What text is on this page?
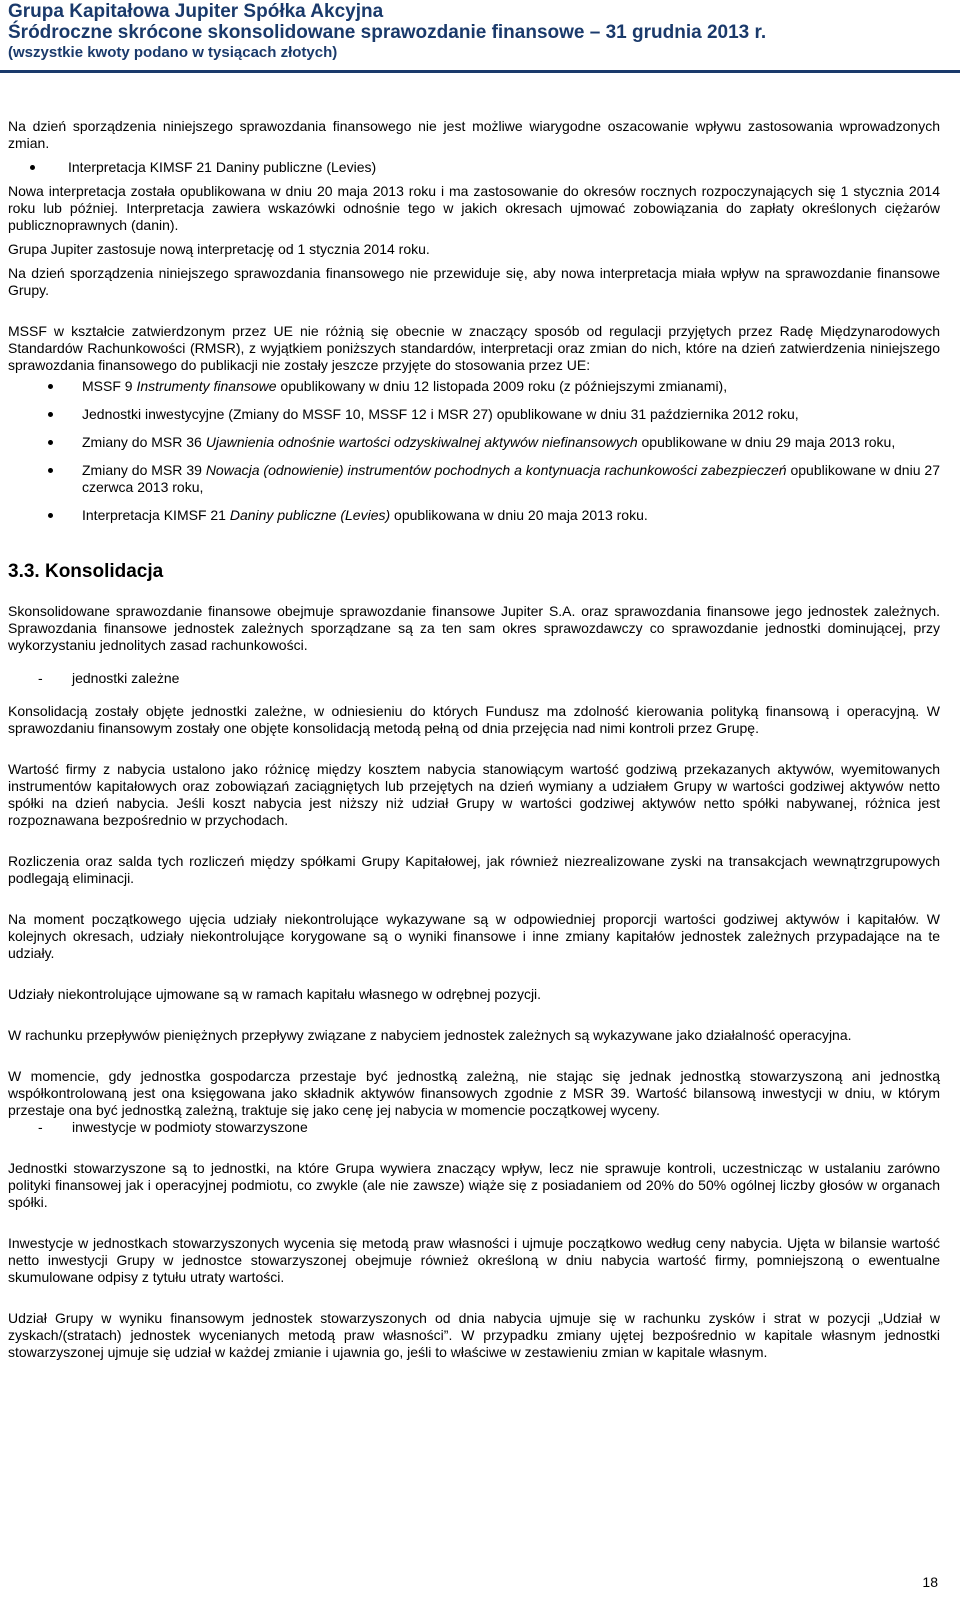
Grupa Kapitałowa Jupiter Spółka Akcyjna
Śródroczne skrócone skonsolidowane sprawozdanie finansowe – 31 grudnia 2013 r.
(wszystkie kwoty podano w tysiącach złotych)

Na dzień sporządzenia niniejszego sprawozdania finansowego nie jest możliwe wiarygodne oszacowanie wpływu zastosowania wprowadzonych zmian.

Interpretacja KIMSF 21 Daniny publiczne (Levies)

Nowa interpretacja została opublikowana w dniu 20 maja 2013 roku i ma zastosowanie do okresów rocznych rozpoczynających się 1 stycznia 2014 roku lub później. Interpretacja zawiera wskazówki odnośnie tego w jakich okresach ujmować zobowiązania do zapłaty określonych ciężarów publicznoprawnych (danin).

Grupa Jupiter zastosuje nową interpretację od 1 stycznia 2014 roku.

Na dzień sporządzenia niniejszego sprawozdania finansowego nie przewiduje się, aby nowa interpretacja miała wpływ na sprawozdanie finansowe Grupy.

MSSF w kształcie zatwierdzonym przez UE nie różnią się obecnie w znaczący sposób od regulacji przyjętych przez Radę Międzynarodowych Standardów Rachunkowości (RMSR), z wyjątkiem poniższych standardów, interpretacji oraz zmian do nich, które na dzień zatwierdzenia niniejszego sprawozdania finansowego do publikacji nie zostały jeszcze przyjęte do stosowania przez UE:

MSSF 9 Instrumenty finansowe opublikowany w dniu 12 listopada 2009 roku (z późniejszymi zmianami),
Jednostki inwestycyjne (Zmiany do MSSF 10, MSSF 12 i MSR 27) opublikowane w dniu 31 października 2012 roku,
Zmiany do MSR 36 Ujawnienia odnośnie wartości odzyskiwalnej aktywów niefinansowych opublikowane w dniu 29 maja 2013 roku,
Zmiany do MSR 39 Nowacja (odnowienie) instrumentów pochodnych a kontynuacja rachunkowości zabezpieczeń opublikowane w dniu 27 czerwca 2013 roku,
Interpretacja KIMSF 21 Daniny publiczne (Levies) opublikowana w dniu 20 maja 2013 roku.

3.3. Konsolidacja

Skonsolidowane sprawozdanie finansowe obejmuje sprawozdanie finansowe Jupiter S.A. oraz sprawozdania finansowe jego jednostek zależnych. Sprawozdania finansowe jednostek zależnych sporządzane są za ten sam okres sprawozdawczy co sprawozdanie jednostki dominującej, przy wykorzystaniu jednolitych zasad rachunkowości.

-	jednostki zależne

Konsolidacją zostały objęte jednostki zależne, w odniesieniu do których Fundusz ma zdolność kierowania polityką finansową i operacyjną. W sprawozdaniu finansowym zostały one objęte konsolidacją metodą pełną od dnia przejęcia nad nimi kontroli przez Grupę.

Wartość firmy z nabycia ustalono jako różnicę między kosztem nabycia stanowiącym wartość godziwą przekazanych aktywów, wyemitowanych instrumentów kapitałowych oraz zobowiązań zaciągniętych lub przejętych na dzień wymiany a udziałem Grupy w wartości godziwej aktywów netto spółki na dzień nabycia. Jeśli koszt nabycia jest niższy niż udział Grupy w wartości godziwej aktywów netto spółki nabywanej, różnica jest rozpoznawana bezpośrednio w przychodach.

Rozliczenia oraz salda tych rozliczeń między spółkami Grupy Kapitałowej, jak również niezrealizowane zyski na transakcjach wewnątrzgrupowych podlegają eliminacji.

Na moment początkowego ujęcia udziały niekontrolujące wykazywane są w odpowiedniej proporcji wartości godziwej aktywów i kapitałów. W kolejnych okresach, udziały niekontrolujące korygowane są o wyniki finansowe i inne zmiany kapitałów jednostek zależnych przypadające na te udziały.

Udziały niekontrolujące ujmowane są w ramach kapitału własnego w odrębnej pozycji.

W rachunku przepływów pieniężnych przepływy związane z nabyciem jednostek zależnych są wykazywane jako działalność operacyjna.

W momencie, gdy jednostka gospodarcza przestaje być jednostką zależną, nie stając się jednak jednostką stowarzyszoną ani jednostką współkontrolowaną jest ona księgowana jako składnik aktywów finansowych zgodnie z MSR 39. Wartość bilansową inwestycji w dniu, w którym przestaje ona być jednostką zależną, traktuje się jako cenę jej nabycia w momencie początkowej wyceny.

-	inwestycje w podmioty stowarzyszone

Jednostki stowarzyszone są to jednostki, na które Grupa wywiera znaczący wpływ, lecz nie sprawuje kontroli, uczestnicząc w ustalaniu zarówno polityki finansowej jak i operacyjnej podmiotu, co zwykle (ale nie zawsze) wiąże się z posiadaniem od 20% do 50% ogólnej liczby głosów w organach spółki.

Inwestycje w jednostkach stowarzyszonych wycenia się metodą praw własności i ujmuje początkowo według ceny nabycia. Ujęta w bilansie wartość netto inwestycji Grupy w jednostce stowarzyszonej obejmuje również określoną w dniu nabycia wartość firmy, pomniejszoną o ewentualne skumulowane odpisy z tytułu utraty wartości.

Udział Grupy w wyniku finansowym jednostek stowarzyszonych od dnia nabycia ujmuje się w rachunku zysków i strat w pozycji „Udział w zyskach/(stratach) jednostek wycenianych metodą praw własności”. W przypadku zmiany ujętej bezpośrednio w kapitale własnym jednostki stowarzyszonej ujmuje się udział w każdej zmianie i ujawnia go, jeśli to właściwe w zestawieniu zmian w kapitale własnym.

18
